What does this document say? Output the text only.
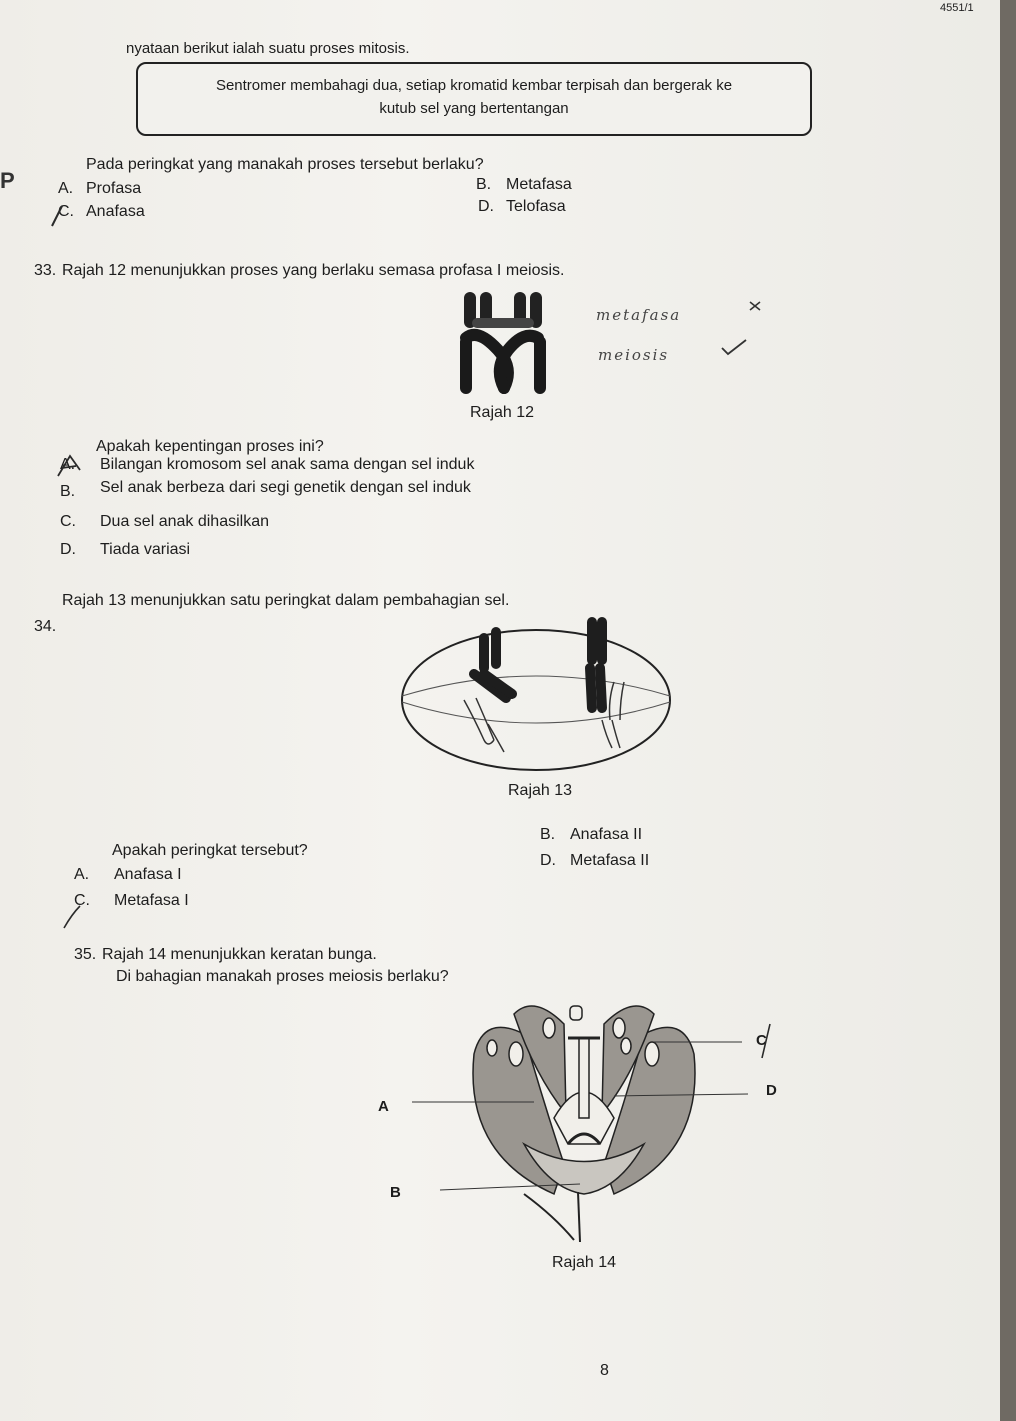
4551/1
nyataan berikut ialah suatu proses mitosis.
Sentromer membahagi dua, setiap kromatid kembar terpisah dan bergerak ke
kutub sel yang bertentangan
P
Pada peringkat yang manakah proses tersebut berlaku?
A. Profasa	B. Metafasa
C. Anafasa	D. Telofasa
33. Rajah 12 menunjukkan proses yang berlaku semasa profasa I meiosis.
Rajah 12
metafasa
meiosis
Apakah kepentingan proses ini?
A. Bilangan kromosom sel anak sama dengan sel induk
B. Sel anak berbeza dari segi genetik dengan sel induk
C. Dua sel anak dihasilkan
D. Tiada variasi
34.
Rajah 13 menunjukkan satu peringkat dalam pembahagian sel.
Rajah 13
Apakah peringkat tersebut?
A. Anafasa I
B. Anafasa II
C. Metafasa I
D. Metafasa II
35. Rajah 14 menunjukkan keratan bunga.
Di bahagian manakah proses meiosis berlaku?
A
B
C
D
Rajah 14
8
